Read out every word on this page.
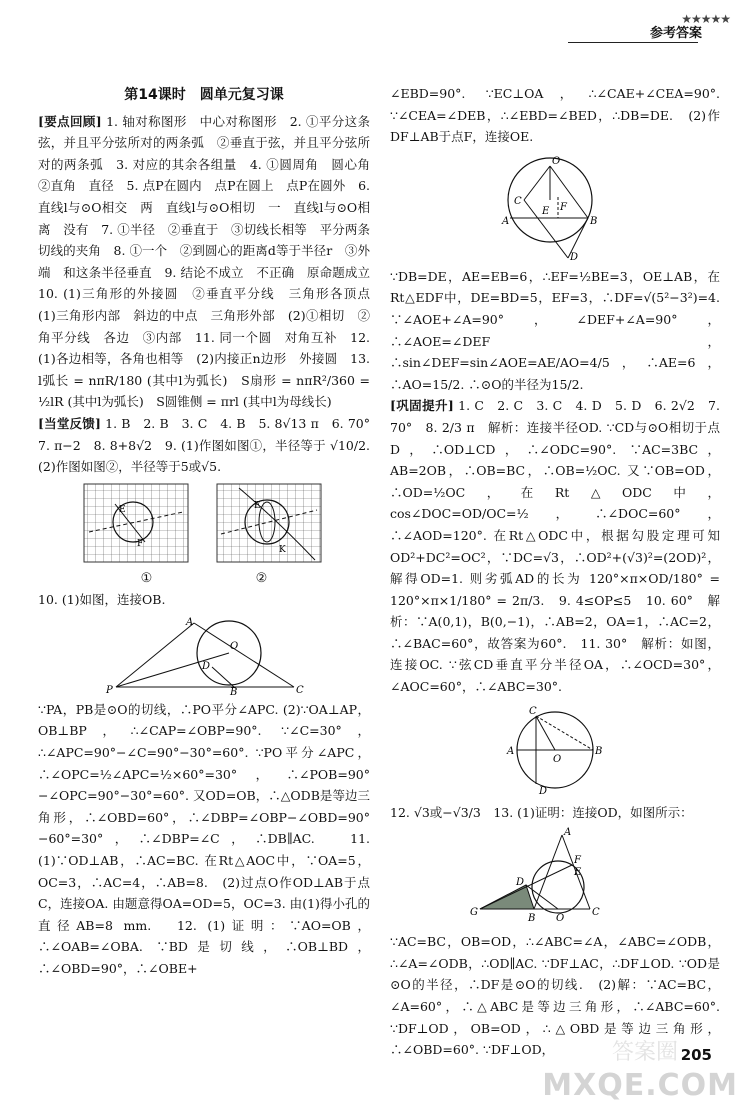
★★★★★
参考答案
第14课时　圆单元复习课

[要点回顾] 1. 轴对称图形　中心对称图形　2. ①平分这条弦，并且平分弦所对的两条弧　②垂直于弦，并且平分弦所对的两条弧　3. 对应的其余各组量　4. ①圆周角　圆心角　②直角　直径　5. 点P在圆内　点P在圆上　点P在圆外　6. 直线l与⊙O相交　两　直线l与⊙O相切　一　直线l与⊙O相离　没有　7. ①半径　②垂直于　③切线长相等　平分两条切线的夹角　8. ①一个　②到圆心的距离d等于半径r　③外端　和这条半径垂直　9. 结论不成立　不正确　原命题成立　10. (1)三角形的外接圆　②垂直平分线　三角形各顶点　(1)三角形内部　斜边的中点　三角形外部　(2)①相切　②角平分线　各边　③内部　11. 同一个圆　对角互补　12. (1)各边相等，各角也相等　(2)内接正n边形　外接圆　13. l弧长 = nπR/180 (其中l为弧长)　S扇形 = nπR²/360 = ½lR (其中l为弧长)　S圆锥侧 = πrl (其中l为母线长)

[当堂反馈] 1. B　2. B　3. C　4. B　5. 8√13 π　6. 70°　7. π−2　8. 8+8√2　9. (1)作图如图①，半径等于 √10/2.　(2)作图如图②，半径等于5或√5.

E
F
E
K
①	②

10. (1)如图，连接OB.

A
P
O
D
B	C

∵PA，PB是⊙O的切线，∴PO平分∠APC. (2)∵OA⊥AP，OB⊥BP，∴∠CAP=∠OBP=90°. ∵∠C=30°，∴∠APC=90°−∠C=90°−30°=60°. ∵PO平分∠APC，∴∠OPC=½∠APC=½×60°=30°，∴∠POB=90°−∠OPC=90°−30°=60°. 又OD=OB，∴△ODB是等边三角形，∴∠OBD=60°，∴∠DBP=∠OBP−∠OBD=90°−60°=30°，∴∠DBP=∠C，∴DB∥AC.　11. (1)∵OD⊥AB，∴AC=BC. 在Rt△AOC中，∵OA=5，OC=3，∴AC=4，∴AB=8.　(2)过点O作OD⊥AB于点C，连接OA. 由题意得OA=OD=5，OC=3. 由(1)得小孔的直径AB=8 mm.　12. (1)证明：∵AO=OB，∴∠OAB=∠OBA. ∵BD是切线，∴OB⊥BD，∴∠OBD=90°，∴∠OBE+

∠EBD=90°. ∵EC⊥OA，∴∠CAE+∠CEA=90°. ∵∠CEA=∠DEB，∴∠EBD=∠BED，∴DB=DE.　(2)作DF⊥AB于点F，连接OE.

O
C
A	B
E F
D

∵DB=DE，AE=EB=6，∴EF=½BE=3，OE⊥AB，在Rt△EDF中，DE=BD=5，EF=3，∴DF=√(5²−3²)=4. ∵∠AOE+∠A=90°，∠DEF+∠A=90°，∴∠AOE=∠DEF，∴sin∠DEF=sin∠AOE=AE/AO=4/5，∴AE=6，∴AO=15/2. ∴⊙O的半径为15/2.

[巩固提升] 1. C　2. C　3. C　4. D　5. D　6. 2√2　7. 70°　8. 2/3 π　解析：连接半径OD. ∵CD与⊙O相切于点D，∴OD⊥CD，∴∠ODC=90°. ∵AC=3BC，AB=2OB，∴OB=BC，∴OB=½OC. 又∵OB=OD，∴OD=½OC，在Rt△ODC中，cos∠DOC=OD/OC=½，∴∠DOC=60°，∴∠AOD=120°. 在Rt△ODC中，根据勾股定理可知OD²+DC²=OC²，∵DC=√3，∴OD²+(√3)²=(2OD)²，解得OD=1. 则劣弧AD的长为 120°×π×OD/180° = 120°×π×1/180° = 2π/3.　9. 4≤OP≤5　10. 60°　解析：∵A(0,1)，B(0,−1)，∴AB=2，OA=1，∴AC=2，∴∠BAC=60°，故答案为60°.　11. 30°　解析：如图，连接OC. ∵弦CD垂直平分半径OA，∴∠OCD=30°，∠AOC=60°，∴∠ABC=30°.

C
A	B
O
D

12. √3或−√3/3　13. (1)证明：连接OD，如图所示：

A
F
E
D
G
B O
C

∵AC=BC，OB=OD，∴∠ABC=∠A，∠ABC=∠ODB，∴∠A=∠ODB，∴OD∥AC. ∵DF⊥AC，∴DF⊥OD. ∵OD是⊙O的半径，∴DF是⊙O的切线.　(2)解：∵AC=BC，∠A=60°，∴△ABC是等边三角形，∴∠ABC=60°. ∵DF⊥OD，OB=OD，∴△OBD是等边三角形，∴∠OBD=60°. ∵DF⊥OD，	205
答案圈
MXQE.COM
